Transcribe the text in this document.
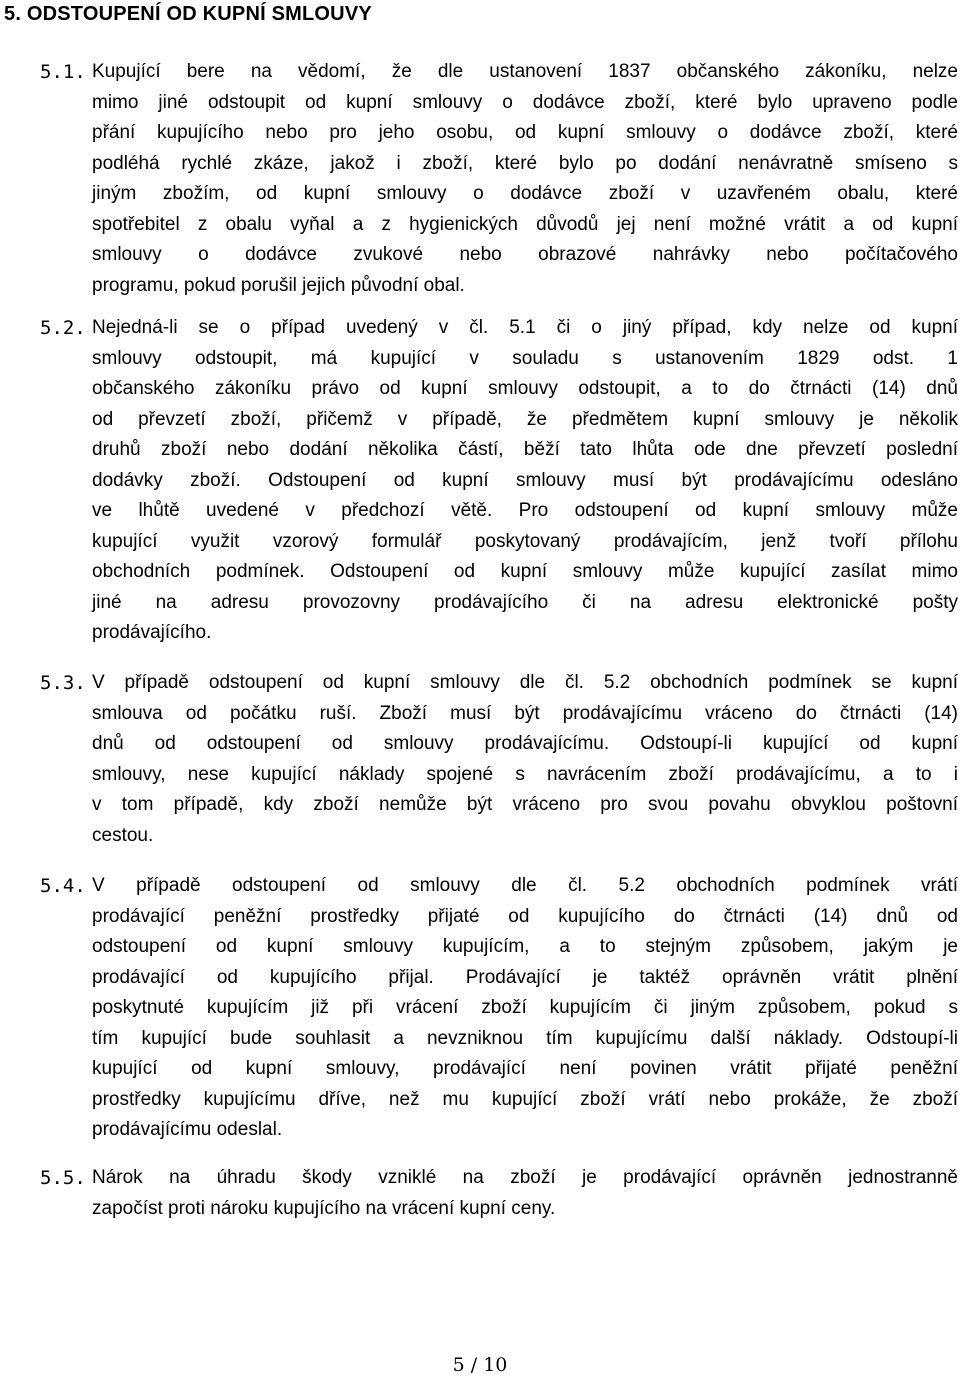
5. ODSTOUPENÍ OD KUPNÍ SMLOUVY
5.1. Kupující bere na vědomí, že dle ustanovení 1837 občanského zákoníku, nelze
mimo jiné odstoupit od kupní smlouvy o dodávce zboží, které bylo upraveno podle
přání kupujícího nebo pro jeho osobu, od kupní smlouvy o dodávce zboží, které
podléhá rychlé zkáze, jakož i zboží, které bylo po dodání nenávratně smíseno s
jiným zbožím, od kupní smlouvy o dodávce zboží v uzavřeném obalu, které
spotřebitel z obalu vyňal a z hygienických důvodů jej není možné vrátit a od kupní
smlouvy o dodávce zvukové nebo obrazové nahrávky nebo počítačového
programu, pokud porušil jejich původní obal.
5.2. Nejedná-li se o případ uvedený v čl. 5.1 či o jiný případ, kdy nelze od kupní
smlouvy odstoupit, má kupující v souladu s ustanovením 1829 odst. 1
občanského zákoníku právo od kupní smlouvy odstoupit, a to do čtrnácti (14) dnů
od převzetí zboží, přičemž v případě, že předmětem kupní smlouvy je několik
druhů zboží nebo dodání několika částí, běží tato lhůta ode dne převzetí poslední
dodávky zboží. Odstoupení od kupní smlouvy musí být prodávajícímu odesláno
ve lhůtě uvedené v předchozí větě. Pro odstoupení od kupní smlouvy může
kupující využit vzorový formulář poskytovaný prodávajícím, jenž tvoří přílohu
obchodních podmínek. Odstoupení od kupní smlouvy může kupující zasílat mimo
jiné na adresu provozovny prodávajícího či na adresu elektronické pošty
prodávajícího.
5.3. V případě odstoupení od kupní smlouvy dle čl. 5.2 obchodních podmínek se kupní
smlouva od počátku ruší. Zboží musí být prodávajícímu vráceno do čtrnácti (14)
dnů od odstoupení od smlouvy prodávajícímu. Odstoupí-li kupující od kupní
smlouvy, nese kupující náklady spojené s navrácením zboží prodávajícímu, a to i
v tom případě, kdy zboží nemůže být vráceno pro svou povahu obvyklou poštovní
cestou.
5.4. V případě odstoupení od smlouvy dle čl. 5.2 obchodních podmínek vrátí
prodávající peněžní prostředky přijaté od kupujícího do čtrnácti (14) dnů od
odstoupení od kupní smlouvy kupujícím, a to stejným způsobem, jakým je
prodávající od kupujícího přijal. Prodávající je taktéž oprávněn vrátit plnění
poskytnuté kupujícím již při vrácení zboží kupujícím či jiným způsobem, pokud s
tím kupující bude souhlasit a nevzniknou tím kupujícímu další náklady. Odstoupí-li
kupující od kupní smlouvy, prodávající není povinen vrátit přijaté peněžní
prostředky kupujícímu dříve, než mu kupující zboží vrátí nebo prokáže, že zboží
prodávajícímu odeslal.
5.5. Nárok na úhradu škody vzniklé na zboží je prodávající oprávněn jednostranně
započíst proti nároku kupujícího na vrácení kupní ceny.
5 / 10
